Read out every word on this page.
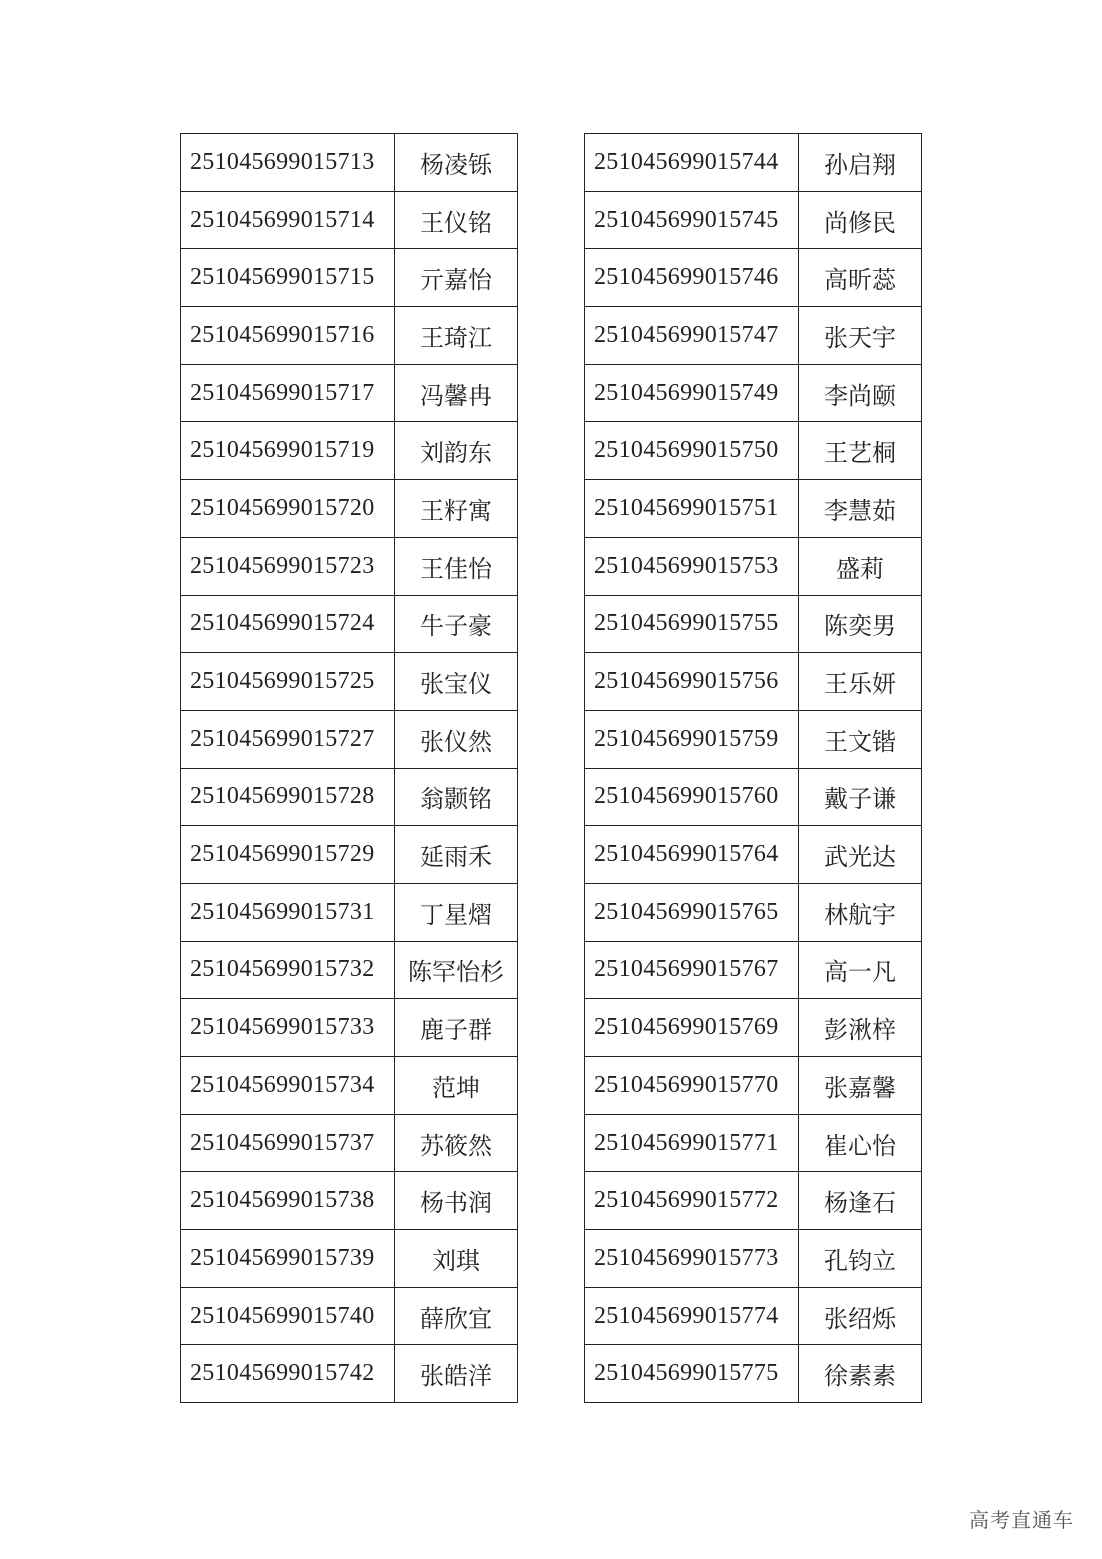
251045699015713	杨凌铄
251045699015714	王仪铭
251045699015715	亓嘉怡
251045699015716	王琦江
251045699015717	冯馨冉
251045699015719	刘韵东
251045699015720	王籽寓
251045699015723	王佳怡
251045699015724	牛子豪
251045699015725	张宝仪
251045699015727	张仪然
251045699015728	翁颢铭
251045699015729	延雨禾
251045699015731	丁星熠
251045699015732	陈罕怡杉
251045699015733	鹿子群
251045699015734	范坤
251045699015737	苏筱然
251045699015738	杨书润
251045699015739	刘琪
251045699015740	薛欣宜
251045699015742	张皓洋
251045699015744	孙启翔
251045699015745	尚修民
251045699015746	高昕蕊
251045699015747	张天宇
251045699015749	李尚颐
251045699015750	王艺桐
251045699015751	李慧茹
251045699015753	盛莉
251045699015755	陈奕男
251045699015756	王乐妍
251045699015759	王文锴
251045699015760	戴子谦
251045699015764	武光达
251045699015765	林航宇
251045699015767	高一凡
251045699015769	彭湫梓
251045699015770	张嘉馨
251045699015771	崔心怡
251045699015772	杨逢石
251045699015773	孔钧立
251045699015774	张绍烁
251045699015775	徐素素
高考直通车
